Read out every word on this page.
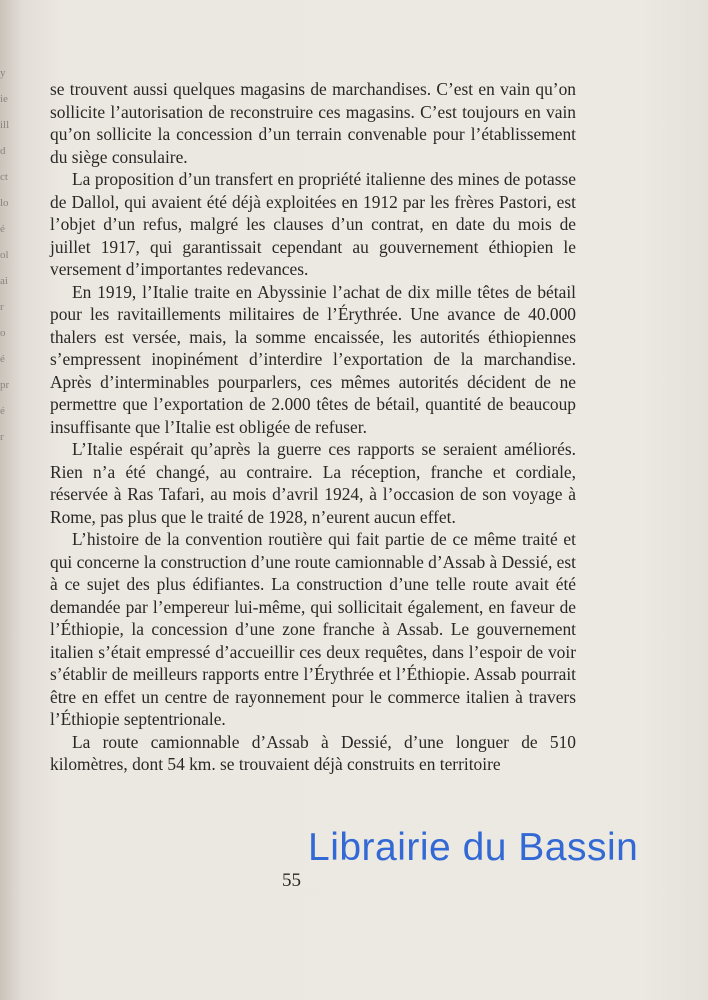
y
ie
ill
d
ct
lo
é
ol
ai
r
o
é
pr
é
r

se trouvent aussi quelques magasins de marchandises. C’est en vain qu’on sollicite l’autorisation de reconstruire ces magasins. C’est toujours en vain qu’on sollicite la concession d’un terrain convenable pour l’établissement du siège consulaire.

La proposition d’un transfert en propriété italienne des mines de potasse de Dallol, qui avaient été déjà exploitées en 1912 par les frères Pastori, est l’objet d’un refus, malgré les clauses d’un contrat, en date du mois de juillet 1917, qui garantissait cependant au gouvernement éthiopien le versement d’importantes redevances.

En 1919, l’Italie traite en Abyssinie l’achat de dix mille têtes de bétail pour les ravitaillements militaires de l’Érythrée. Une avance de 40.000 thalers est versée, mais, la somme encaissée, les autorités éthiopiennes s’empressent inopinément d’interdire l’exportation de la marchandise. Après d’interminables pourparlers, ces mêmes autorités décident de ne permettre que l’exportation de 2.000 têtes de bétail, quantité de beaucoup insuffisante que l’Italie est obligée de refuser.

L’Italie espérait qu’après la guerre ces rapports se seraient améliorés. Rien n’a été changé, au contraire. La réception, franche et cordiale, réservée à Ras Tafari, au mois d’avril 1924, à l’occasion de son voyage à Rome, pas plus que le traité de 1928, n’eurent aucun effet.

L’histoire de la convention routière qui fait partie de ce même traité et qui concerne la construction d’une route camionnable d’Assab à Dessié, est à ce sujet des plus édifiantes. La construction d’une telle route avait été demandée par l’empereur lui-même, qui sollicitait également, en faveur de l’Éthiopie, la concession d’une zone franche à Assab. Le gouvernement italien s’était empressé d’accueillir ces deux requêtes, dans l’espoir de voir s’établir de meilleurs rapports entre l’Érythrée et l’Éthiopie. Assab pourrait être en effet un centre de rayonnement pour le commerce italien à travers l’Éthiopie septentrionale.

La route camionnable d’Assab à Dessié, d’une longuer de 510 kilomètres, dont 54 km. se trouvaient déjà construits en territoire

55
Librairie du Bassin
